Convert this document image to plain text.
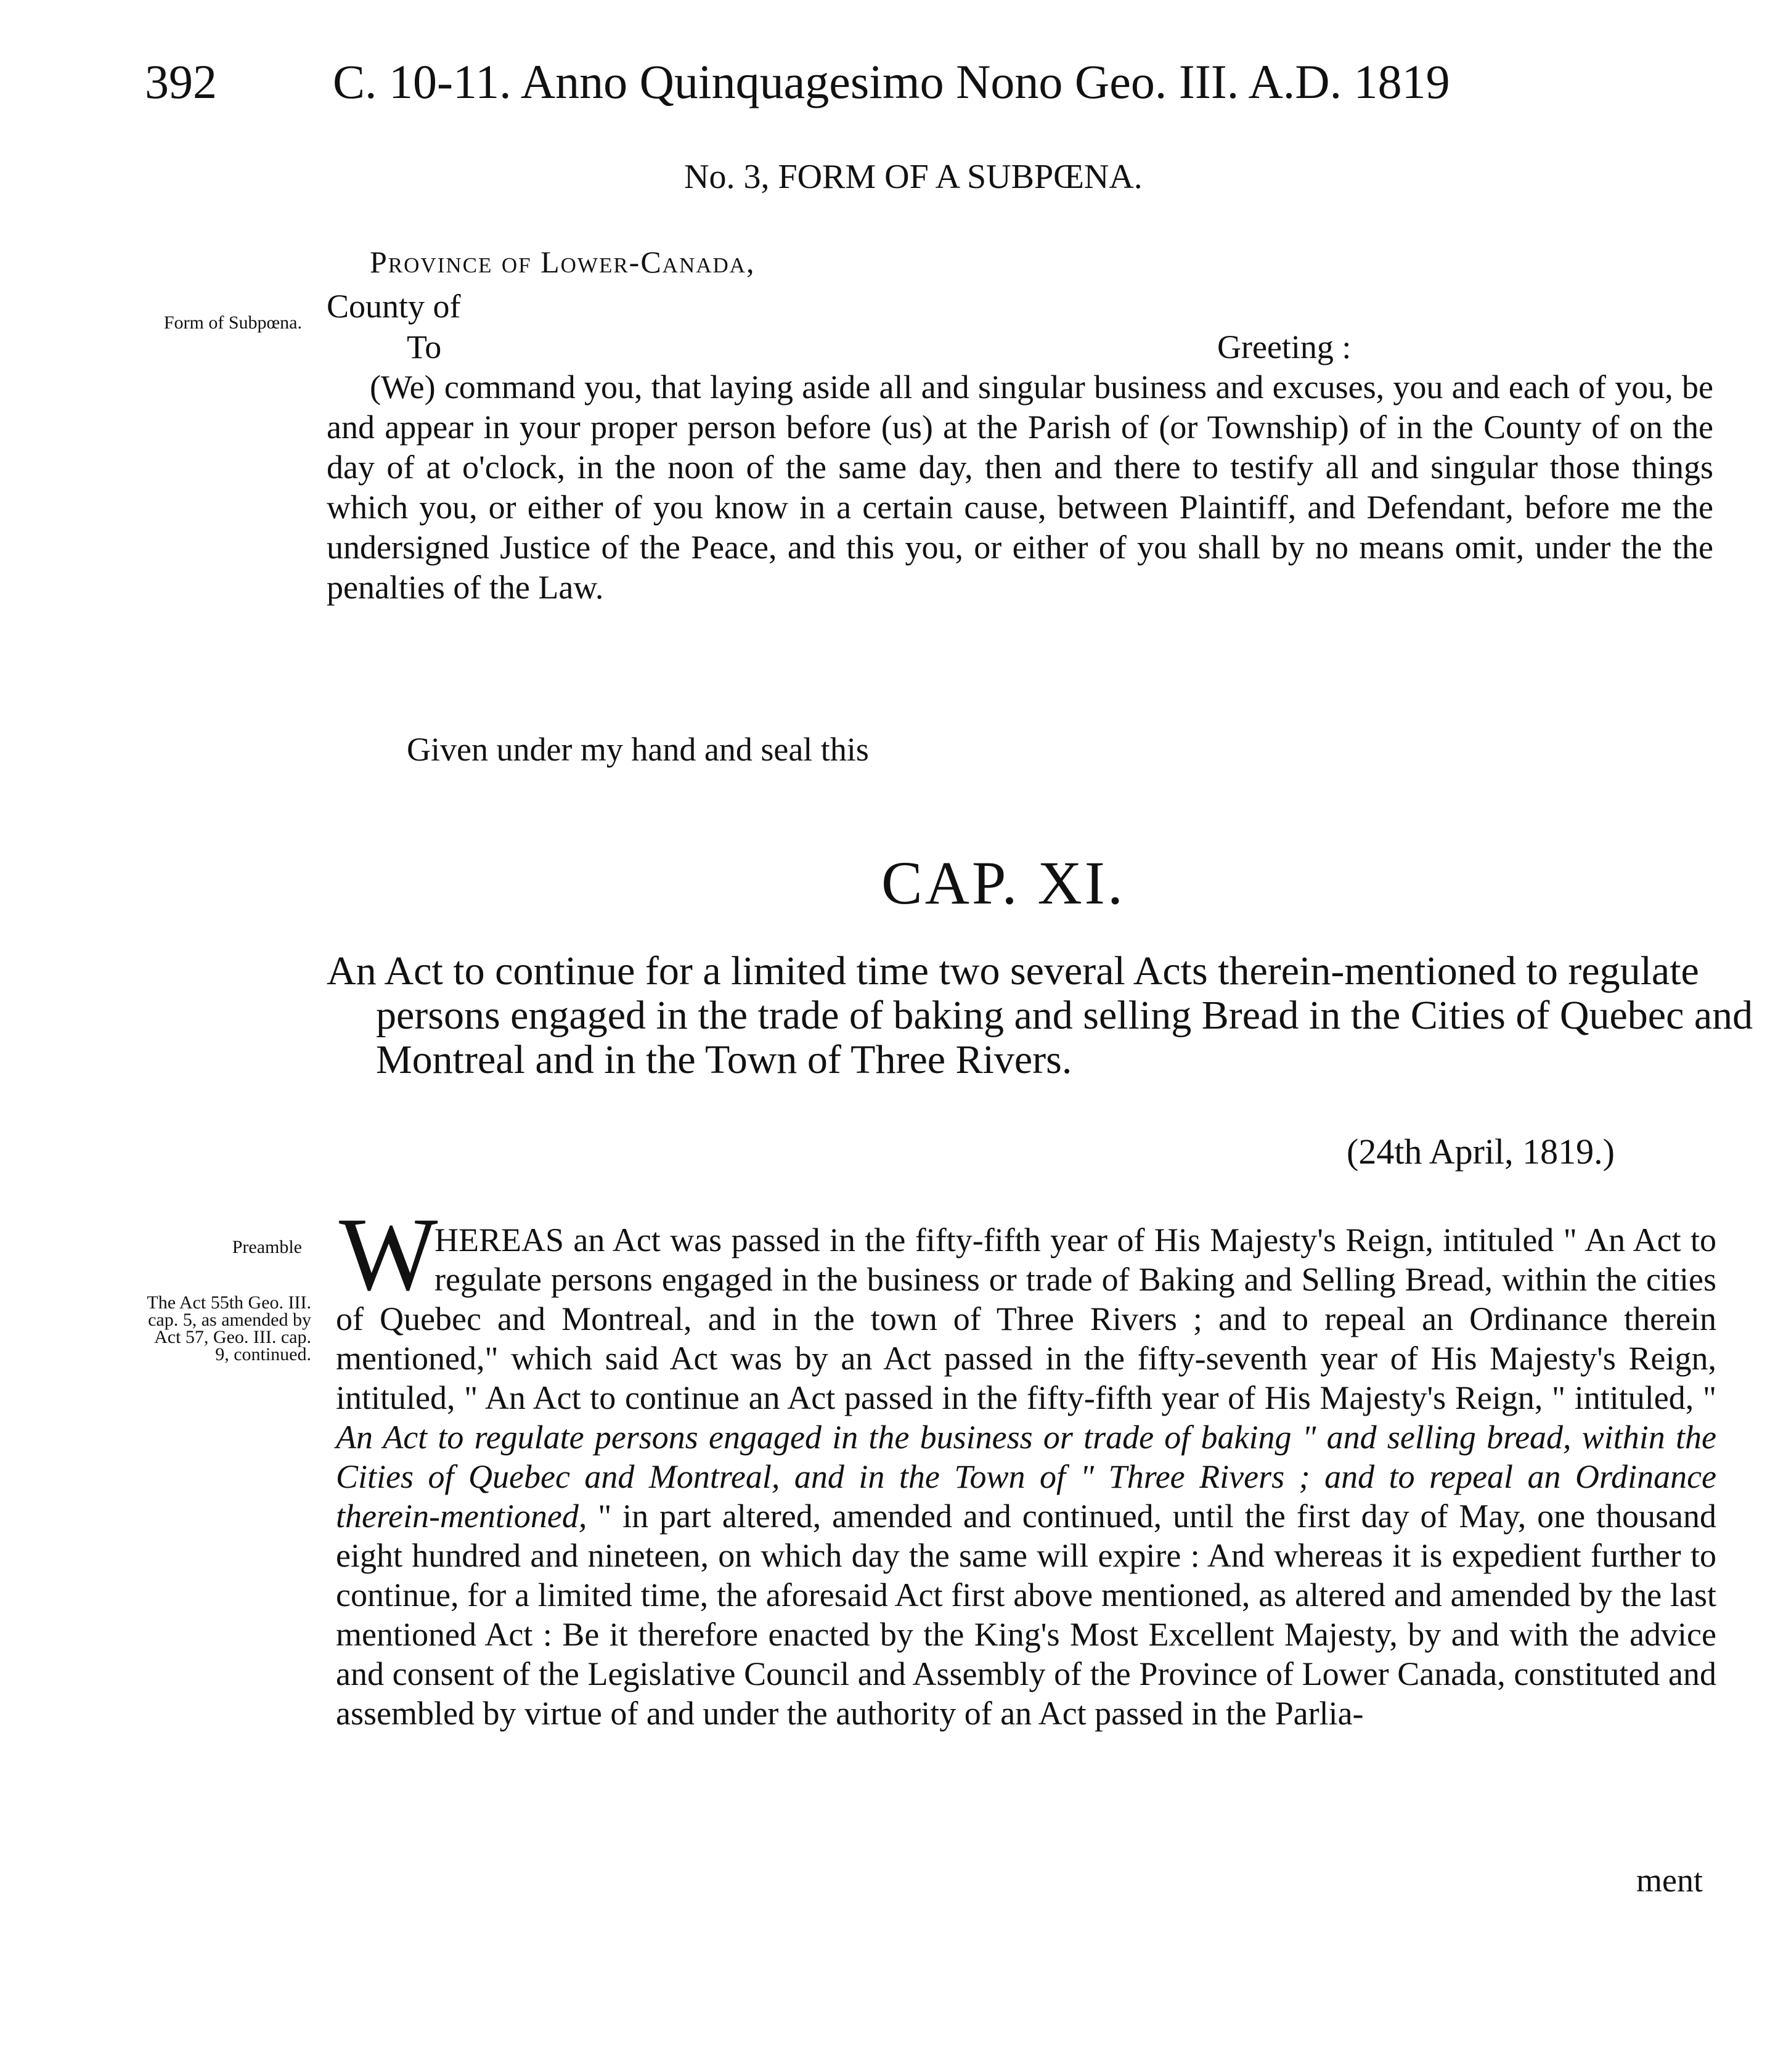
392 C. 10-11. Anno Quinquagesimo Nono Geo. III. A.D. 1819
No. 3, FORM OF A SUBPŒNA.
Province of Lower-Canada,
County of
Form of Subpœna.
To	Greeting :
(We) command you, that laying aside all and singular business and excuses, you and each of you, be and appear in your proper person before (us) at the Parish of (or Township) of in the County of on the day of at o'clock, in the noon of the same day, then and there to testify all and singular those things which you, or either of you know in a certain cause, between Plaintiff, and Defendant, before me the undersigned Justice of the Peace, and this you, or either of you shall by no means omit, under the the penalties of the Law.
Given under my hand and seal this
CAP. XI.
An Act to continue for a limited time two several Acts therein-mentioned to regulate persons engaged in the trade of baking and selling Bread in the Cities of Quebec and Montreal and in the Town of Three Rivers.
(24th April, 1819.)
Preamble
The Act 55th Geo. III. cap. 5, as amended by Act 57, Geo. III. cap. 9, continued.
W
HEREAS an Act was passed in the fifty-fifth year of His Majesty's Reign, intituled " An Act to regulate persons engaged in the business or trade of Baking and Selling Bread, within the cities of Quebec and Montreal, and in the town of Three Rivers ; and to repeal an Ordinance therein mentioned," which said Act was by an Act passed in the fifty-seventh year of His Majesty's Reign, intituled, " An Act to continue an Act passed in the fifty-fifth year of His Majesty's Reign, " intituled, " An Act to regulate persons engaged in the business or trade of baking " and selling bread, within the Cities of Quebec and Montreal, and in the Town of " Three Rivers ; and to repeal an Ordinance therein-mentioned, " in part altered, amended and continued, until the first day of May, one thousand eight hundred and nineteen, on which day the same will expire : And whereas it is expedient further to continue, for a limited time, the aforesaid Act first above mentioned, as altered and amended by the last mentioned Act : Be it therefore enacted by the King's Most Excellent Majesty, by and with the advice and consent of the Legislative Council and Assembly of the Province of Lower Canada, constituted and assembled by virtue of and under the authority of an Act passed in the Parlia-
ment
